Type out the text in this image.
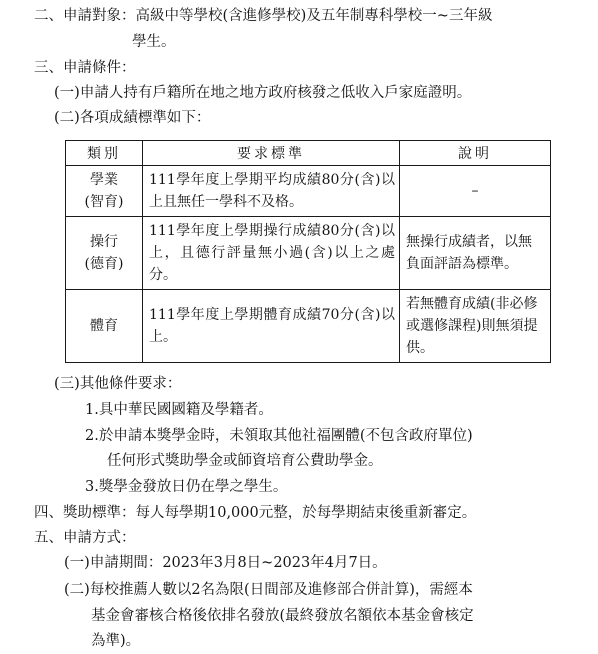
二、申請對象：高級中等學校(含進修學校)及五年制專科學校一~三年級
學生。
三、申請條件：
(一)申請人持有戶籍所在地之地方政府核發之低收入戶家庭證明。
(二)各項成績標準如下：
類別	要求標準	說明

學業
(智育)	111學年度上學期平均成績80分(含)以上且無任一學科不及格。	–

操行
(德育)	111學年度上學期操行成績80分(含)以上，且德行評量無小過(含)以上之處分。	無操行成績者，以無負面評語為標準。

體育	111學年度上學期體育成績70分(含)以上。	若無體育成績(非必修或選修課程)則無須提供。
(三)其他條件要求：
1.具中華民國國籍及學籍者。
2.於申請本獎學金時，未領取其他社福團體(不包含政府單位)
任何形式獎助學金或師資培育公費助學金。
3.獎學金發放日仍在學之學生。
四、獎助標準：每人每學期10,000元整，於每學期結束後重新審定。
五、申請方式：
(一)申請期間：2023年3月8日~2023年4月7日。
(二)每校推薦人數以2名為限(日間部及進修部合併計算)，需經本
基金會審核合格後依排名發放(最終發放名額依本基金會核定
為準)。
